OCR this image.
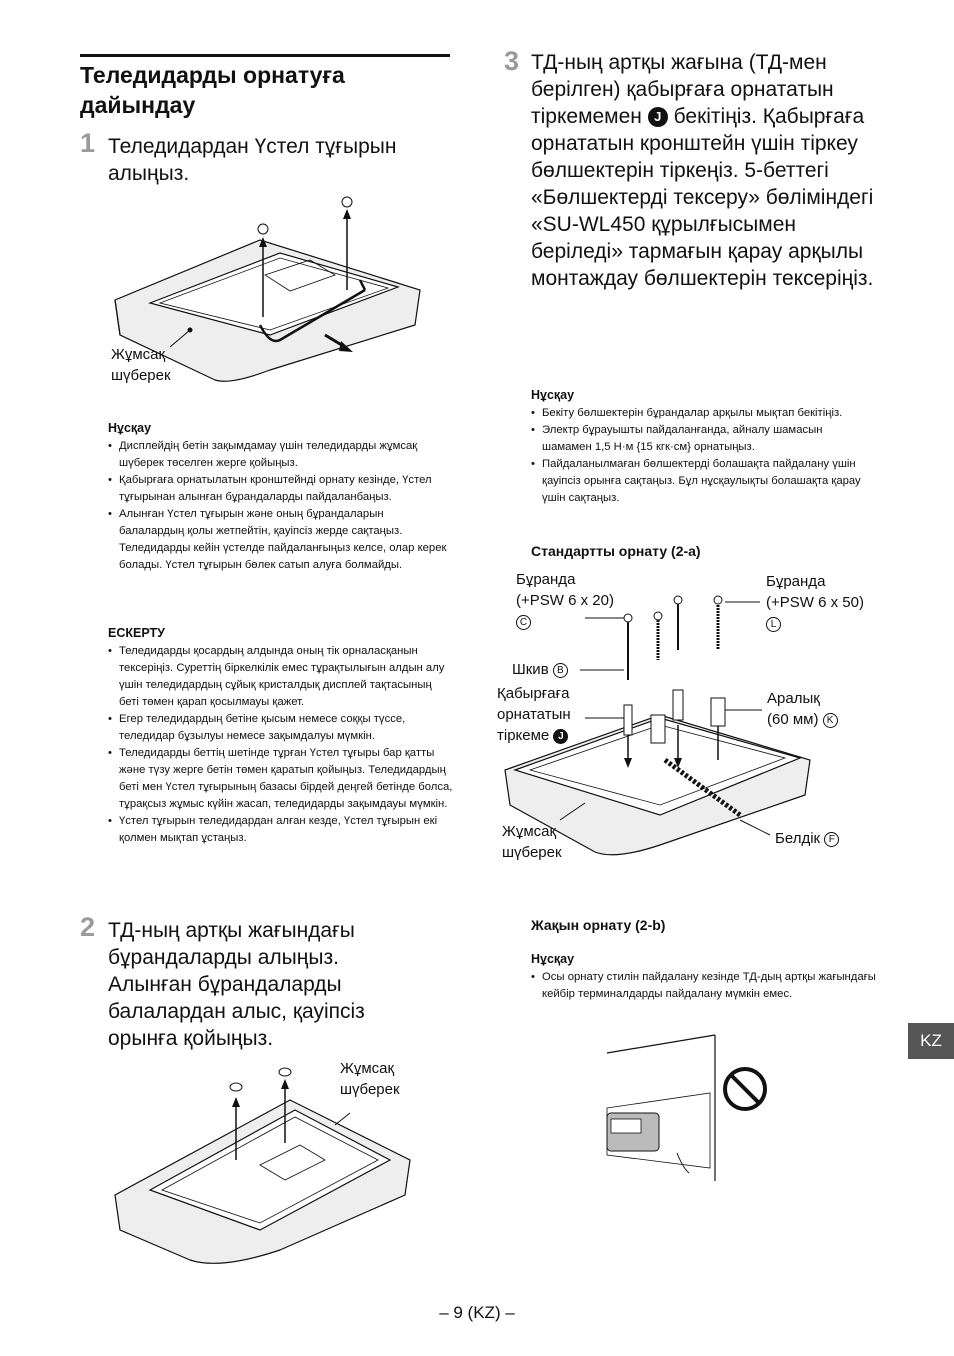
Теледидарды орнатуға дайындау
1 Теледидардан Үстел тұғырын алыңыз.
Жұмсақ
шүберек
Нұсқау
• Дисплейдің бетін зақымдамау үшін теледидарды жұмсақ шүберек төселген жерге қойыңыз.
• Қабырғаға орнатылатын кронштейнді орнату кезінде, Үстел тұғырынан алынған бұрандаларды пайдаланбаңыз.
• Алынған Үстел тұғырын және оның бұрандаларын балалардың қолы жетпейтін, қауіпсіз жерде сақтаңыз. Теледидарды кейін үстелде пайдаланғыңыз келсе, олар керек болады. Үстел тұғырын бөлек сатып алуға болмайды.
ЕСКЕРТУ
• Теледидарды қосардың алдында оның тік орналасқанын тексеріңіз. Суреттің біркелкілік емес тұрақтылығын алдын алу үшін теледидардың сұйық кристалдық дисплей тақтасының беті төмен қарап қосылмауы қажет.
• Егер теледидардың бетіне қысым немесе соққы түссе, теледидар бұзылуы немесе зақымдалуы мүмкін.
• Теледидарды беттің шетінде тұрған Үстел тұғыры бар қатты және түзу жерге бетін төмен қаратып қойыңыз. Теледидардың беті мен Үстел тұғырының базасы бірдей деңгей бетінде болса, тұрақсыз жұмыс күйін жасап, теледидарды зақымдауы мүмкін.
• Үстел тұғырын теледидардан алған кезде, Үстел тұғырын екі қолмен мықтап ұстаңыз.
2 ТД-ның артқы жағындағы бұрандаларды алыңыз. Алынған бұрандаларды балалардан алыс, қауіпсіз орынға қойыңыз.
Жұмсақ
шүберек
3 ТД-ның артқы жағына (ТД-мен берілген) қабырғаға орнататын тіркемемен J бекітіңіз. Қабырғаға орнататын кронштейн үшін тіркеу бөлшектерін тіркеңіз. 5-беттегі «Бөлшектерді тексеру» бөліміндегі «SU-WL450 құрылғысымен беріледі» тармағын қарау арқылы монтаждау бөлшектерін тексеріңіз.
Нұсқау
• Бекіту бөлшектерін бұрандалар арқылы мықтап бекітіңіз.
• Электр бұрауышты пайдаланғанда, айналу шамасын шамамен 1,5 Н·м {15 кгк·см} орнатыңыз.
• Пайдаланылмаған бөлшектерді болашақта пайдалану үшін қауіпсіз орынға сақтаңыз. Бұл нұсқаулықты болашақта қарау үшін сақтаңыз.
Стандартты орнату (2-a)
Бұранда
(+PSW 6 x 20)
C
Бұранда
(+PSW 6 x 50)
L
Шкив B
Қабырғаға
орнататын
тіркеме J
Аралық
(60 мм) K
Жұмсақ
шүберек
Белдік F
Жақын орнату (2-b)
Нұсқау
• Осы орнату стилін пайдалану кезінде ТД-дың артқы жағындағы кейбір терминалдарды пайдалану мүмкін емес.
KZ
– 9 (KZ) –
